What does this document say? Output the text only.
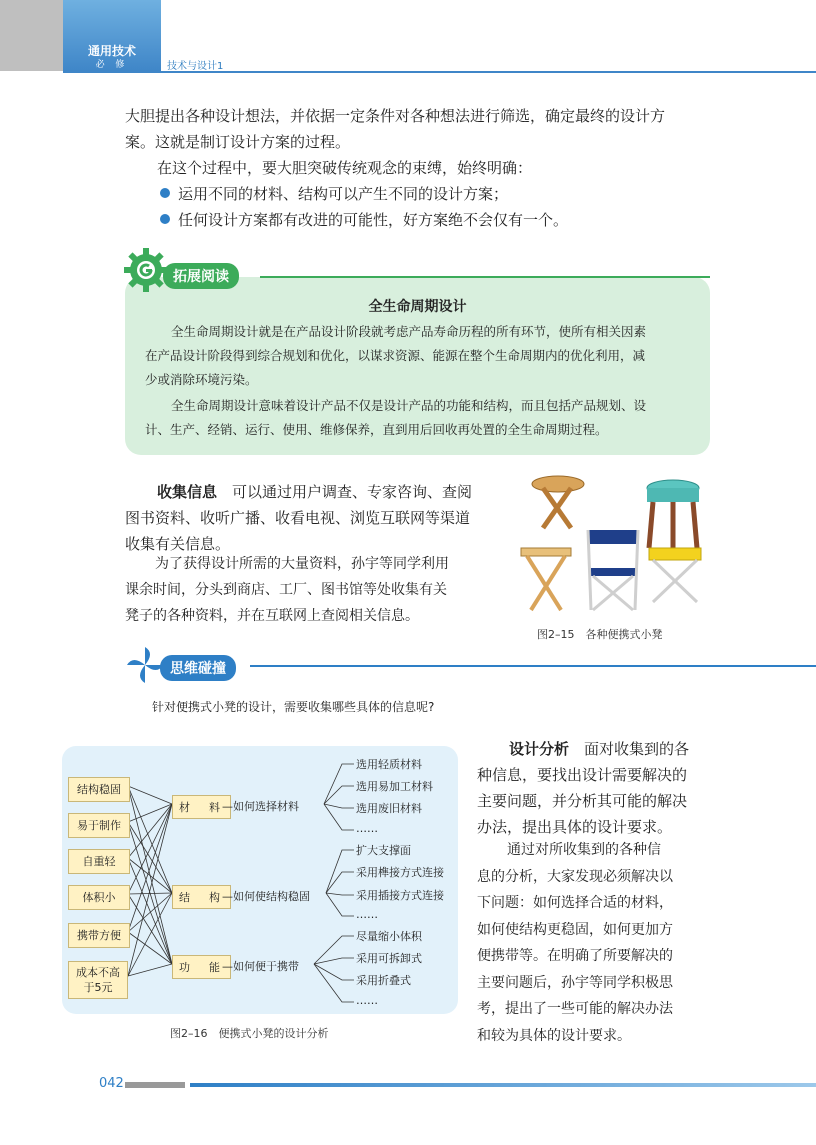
通用技术
必 修	技术与设计1
大胆提出各种设计想法，并依据一定条件对各种想法进行筛选，确定最终的设计方
案。这就是制订设计方案的过程。
在这个过程中，要大胆突破传统观念的束缚，始终明确：
运用不同的材料、结构可以产生不同的设计方案；
任何设计方案都有改进的可能性，好方案绝不会仅有一个。
拓展阅读
全生命周期设计
全生命周期设计就是在产品设计阶段就考虑产品寿命历程的所有环节，使所有相关因素
在产品设计阶段得到综合规划和优化，以谋求资源、能源在整个生命周期内的优化利用，减
少或消除环境污染。
全生命周期设计意味着设计产品不仅是设计产品的功能和结构，而且包括产品规划、设
计、生产、经销、运行、使用、维修保养，直到用后回收再处置的全生命周期过程。
收集信息　 可以通过用户调查、专家咨询、查阅
图书资料、收听广播、收看电视、浏览互联网等渠道
收集有关信息。
为了获得设计所需的大量资料，孙宇等同学利用
课余时间，分头到商店、工厂、图书馆等处收集有关
凳子的各种资料，并在互联网上查阅相关信息。
图2–15　各种便携式小凳
思维碰撞
针对便携式小凳的设计，需要收集哪些具体的信息呢?
结构稳固
易于制作
自重轻
体积小
携带方便
成本不高于5元
材　料
—如何选择材料
结　构
—如何使结构稳固
功　能
—如何便于携带
选用轻质材料
选用易加工材料
选用废旧材料
……
扩大支撑面
采用榫接方式连接
采用插接方式连接
……
尽量缩小体积
采用可拆卸式
采用折叠式
……
图2–16　便携式小凳的设计分析
设计分析　 面对收集到的各
种信息，要找出设计需要解决的
主要问题，并分析其可能的解决
办法，提出具体的设计要求。
通过对所收集到的各种信
息的分析，大家发现必须解决以
下问题：如何选择合适的材料，
如何使结构更稳固，如何更加方
便携带等。在明确了所要解决的
主要问题后，孙宇等同学积极思
考，提出了一些可能的解决办法
和较为具体的设计要求。
042
